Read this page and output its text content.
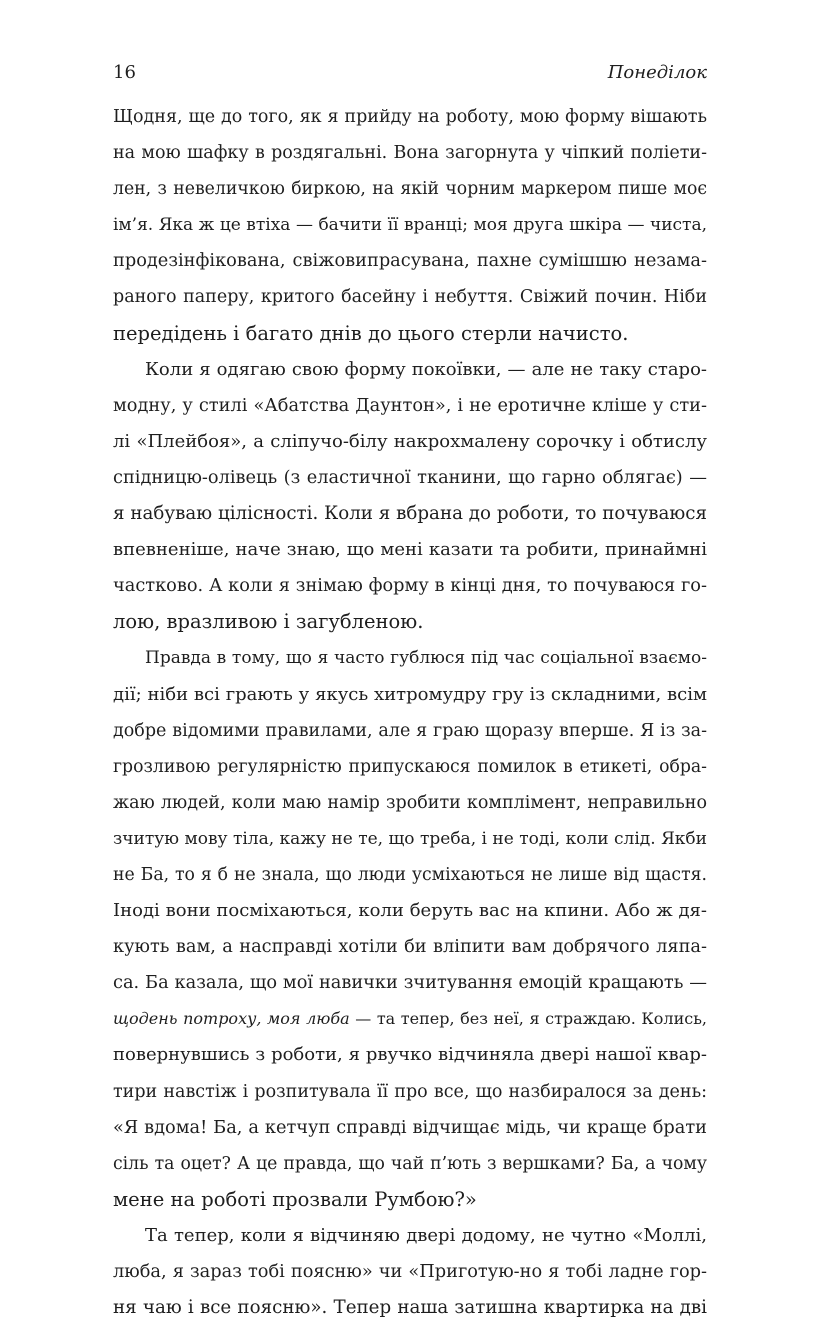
16	Понеділок
Щодня, ще до того, як я прийду на роботу, мою форму вішають
на мою шафку в роздягальні. Вона загорнута у чіпкий поліети-
лен, з невеличкою биркою, на якій чорним маркером пише моє
ім’я. Яка ж це втіха — бачити її вранці; моя друга шкіра — чиста,
продезінфікована, свіжовипрасувана, пахне сумішшю незама-
раного паперу, критого басейну і небуття. Свіжий почин. Ніби
передідень і багато днів до цього стерли начисто.
Коли я одягаю свою форму покоївки, — але не таку старо-
модну, у стилі «Абатства Даунтон», і не еротичне кліше у сти-
лі «Плейбоя», а сліпучо-білу накрохмалену сорочку і обтислу
спідницю-олівець (з еластичної тканини, що гарно облягає) —
я набуваю цілісності. Коли я вбрана до роботи, то почуваюся
впевненіше, наче знаю, що мені казати та робити, принаймні
частково. А коли я знімаю форму в кінці дня, то почуваюся го-
лою, вразливою і загубленою.
Правда в тому, що я часто гублюся під час соціальної взаємо-
дії; ніби всі грають у якусь хитромудру гру із складними, всім
добре відомими правилами, але я граю щоразу вперше. Я із за-
грозливою регулярністю припускаюся помилок в етикеті, обра-
жаю людей, коли маю намір зробити комплімент, неправильно
зчитую мову тіла, кажу не те, що треба, і не тоді, коли слід. Якби
не Ба, то я б не знала, що люди усміхаються не лише від щастя.
Іноді вони посміхаються, коли беруть вас на кпини. Або ж дя-
кують вам, а насправді хотіли би вліпити вам добрячого ляпа-
са. Ба казала, що мої навички зчитування емоцій кращають —
щодень потроху, моя люба — та тепер, без неї, я страждаю. Колись,
повернувшись з роботи, я рвучко відчиняла двері нашої квар-
тири навстіж і розпитувала її про все, що назбиралося за день:
«Я вдома! Ба, а кетчуп справді відчищає мідь, чи краще брати
сіль та оцет? А це правда, що чай п’ють з вершками? Ба, а чому
мене на роботі прозвали Румбою?»
Та тепер, коли я відчиняю двері додому, не чутно «Моллі,
люба, я зараз тобі поясню» чи «Приготую-но я тобі ладне гор-
ня чаю і все поясню». Тепер наша затишна квартирка на дві
